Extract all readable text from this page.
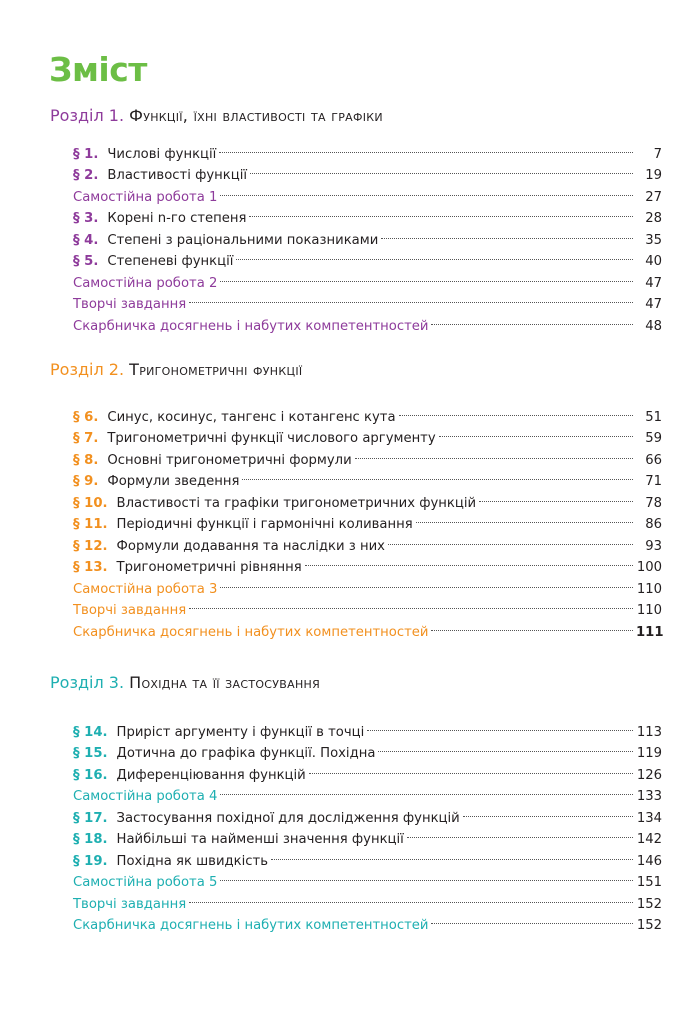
Зміст
Розділ 1. Функції, їхні властивості та графіки
§ 1. Числові функції	7
§ 2. Властивості функції	19
Самостійна робота 1	27
§ 3. Корені n-го степеня	28
§ 4. Степені з раціональними показниками	35
§ 5. Степеневі функції	40
Самостійна робота 2	47
Творчі завдання	47
Скарбничка досягнень і набутих компетентностей	48
Розділ 2. Тригонометричні функції
§ 6. Синус, косинус, тангенс і котангенс кута	51
§ 7. Тригонометричні функції числового аргументу	59
§ 8. Основні тригонометричні формули	66
§ 9. Формули зведення	71
§ 10. Властивості та графіки тригонометричних функцій	78
§ 11. Періодичні функції і гармонічні коливання	86
§ 12. Формули додавання та наслідки з них	93
§ 13. Тригонометричні рівняння	100
Самостійна робота 3	110
Творчі завдання	110
Скарбничка досягнень і набутих компетентностей	111
Розділ 3. Похідна та її застосування
§ 14. Приріст аргументу і функції в точці	113
§ 15. Дотична до графіка функції. Похідна	119
§ 16. Диференціювання функцій	126
Самостійна робота 4	133
§ 17. Застосування похідної для дослідження функцій	134
§ 18. Найбільші та найменші значення функції	142
§ 19. Похідна як швидкість	146
Самостійна робота 5	151
Творчі завдання	152
Скарбничка досягнень і набутих компетентностей	152
